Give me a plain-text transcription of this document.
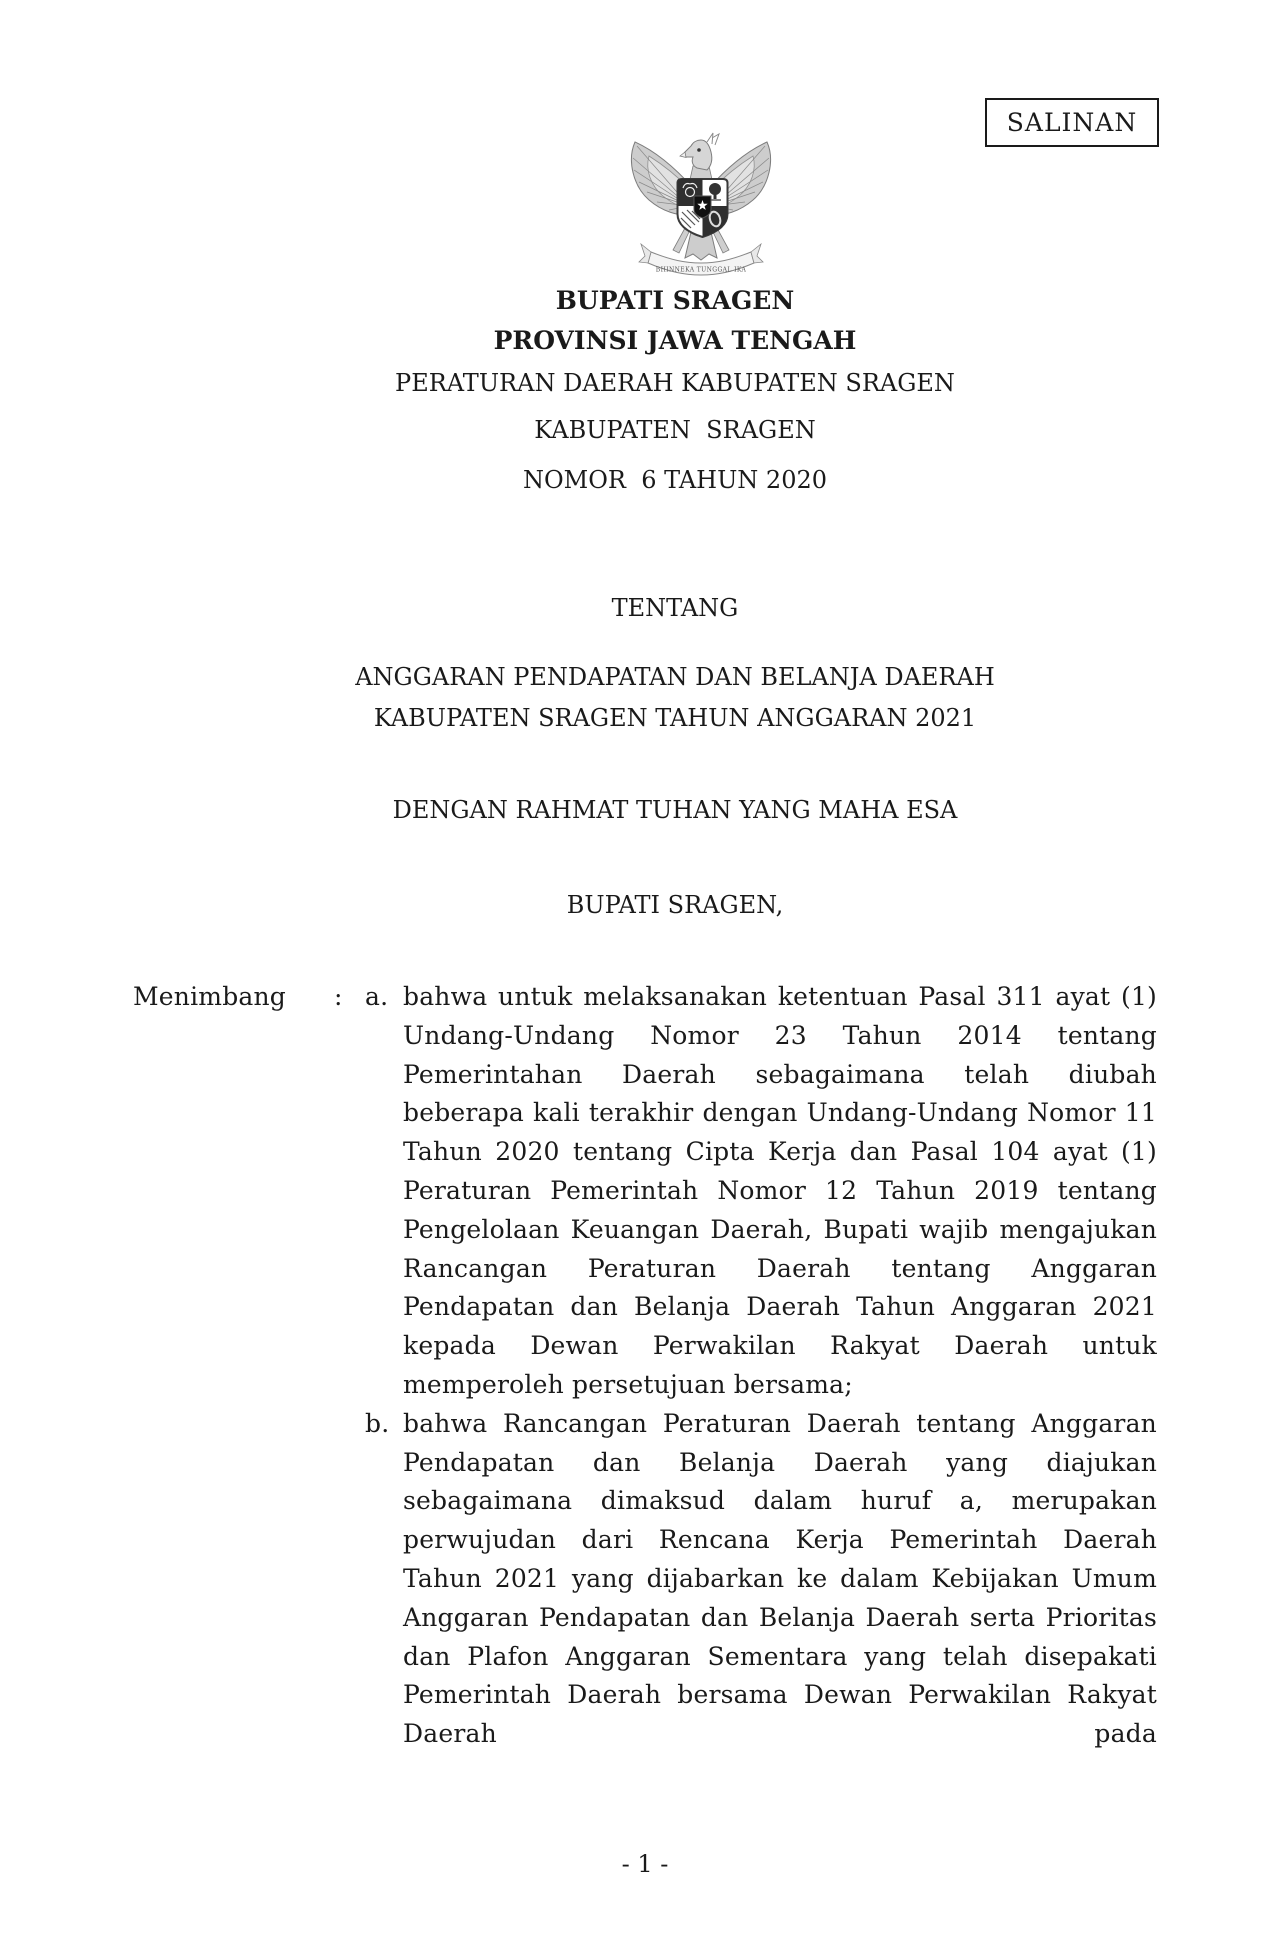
SALINAN
BHINNEKA TUNGGAL IKA
BUPATI SRAGEN
PROVINSI JAWA TENGAH
PERATURAN DAERAH KABUPATEN SRAGEN
KABUPATEN  SRAGEN
NOMOR  6 TAHUN 2020
TENTANG
ANGGARAN PENDAPATAN DAN BELANJA DAERAH
KABUPATEN SRAGEN TAHUN ANGGARAN 2021
DENGAN RAHMAT TUHAN YANG MAHA ESA
BUPATI SRAGEN,
Menimbang	: a. bahwa untuk melaksanakan ketentuan Pasal 311 ayat (1) Undang-Undang Nomor 23 Tahun 2014 tentang Pemerintahan Daerah sebagaimana telah diubah beberapa kali terakhir dengan Undang-Undang Nomor 11 Tahun 2020 tentang Cipta Kerja dan Pasal 104 ayat (1) Peraturan Pemerintah Nomor 12 Tahun 2019 tentang Pengelolaan Keuangan Daerah, Bupati wajib mengajukan Rancangan Peraturan Daerah tentang Anggaran Pendapatan dan Belanja Daerah Tahun Anggaran 2021 kepada Dewan Perwakilan Rakyat Daerah untuk memperoleh persetujuan bersama;
b. bahwa Rancangan Peraturan Daerah tentang Anggaran Pendapatan dan Belanja Daerah yang diajukan sebagaimana dimaksud dalam huruf a, merupakan perwujudan dari Rencana Kerja Pemerintah Daerah Tahun 2021 yang dijabarkan ke dalam Kebijakan Umum Anggaran Pendapatan dan Belanja Daerah serta Prioritas dan Plafon Anggaran Sementara yang telah disepakati Pemerintah Daerah bersama Dewan Perwakilan Rakyat Daerah pada
- 1 -
